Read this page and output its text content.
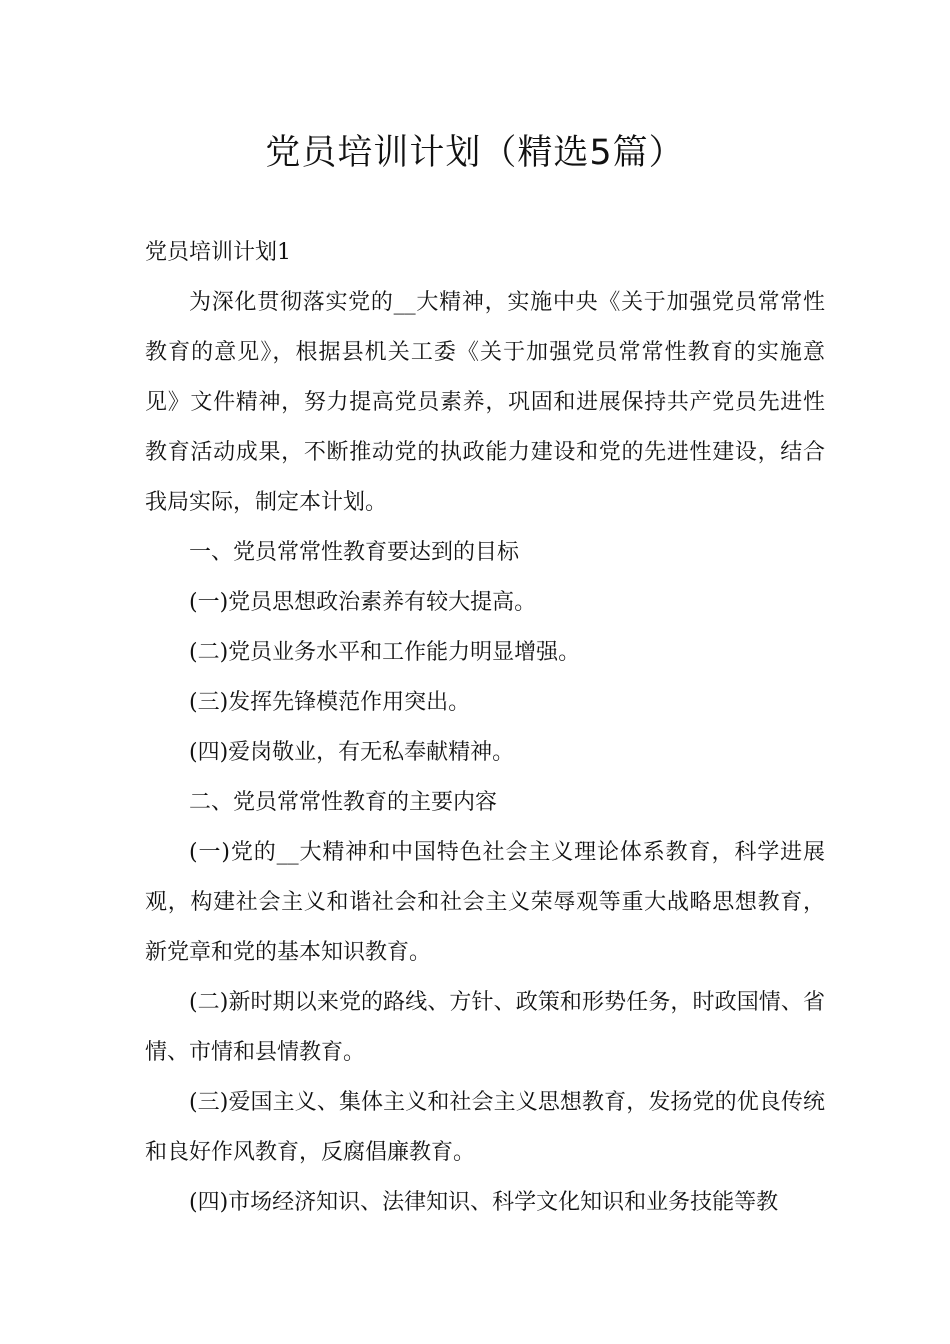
党员培训计划（精选5篇）

党员培训计划1

为深化贯彻落实党的__大精神，实施中央《关于加强党员常常性教育的意见》，根据县机关工委《关于加强党员常常性教育的实施意见》文件精神，努力提高党员素养，巩固和进展保持共产党员先进性教育活动成果，不断推动党的执政能力建设和党的先进性建设，结合我局实际，制定本计划。

一、党员常常性教育要达到的目标

(一)党员思想政治素养有较大提高。

(二)党员业务水平和工作能力明显增强。

(三)发挥先锋模范作用突出。

(四)爱岗敬业，有无私奉献精神。

二、党员常常性教育的主要内容

(一)党的__大精神和中国特色社会主义理论体系教育，科学进展观，构建社会主义和谐社会和社会主义荣辱观等重大战略思想教育，新党章和党的基本知识教育。

(二)新时期以来党的路线、方针、政策和形势任务，时政国情、省情、市情和县情教育。

(三)爱国主义、集体主义和社会主义思想教育，发扬党的优良传统和良好作风教育，反腐倡廉教育。

(四)市场经济知识、法律知识、科学文化知识和业务技能等教
